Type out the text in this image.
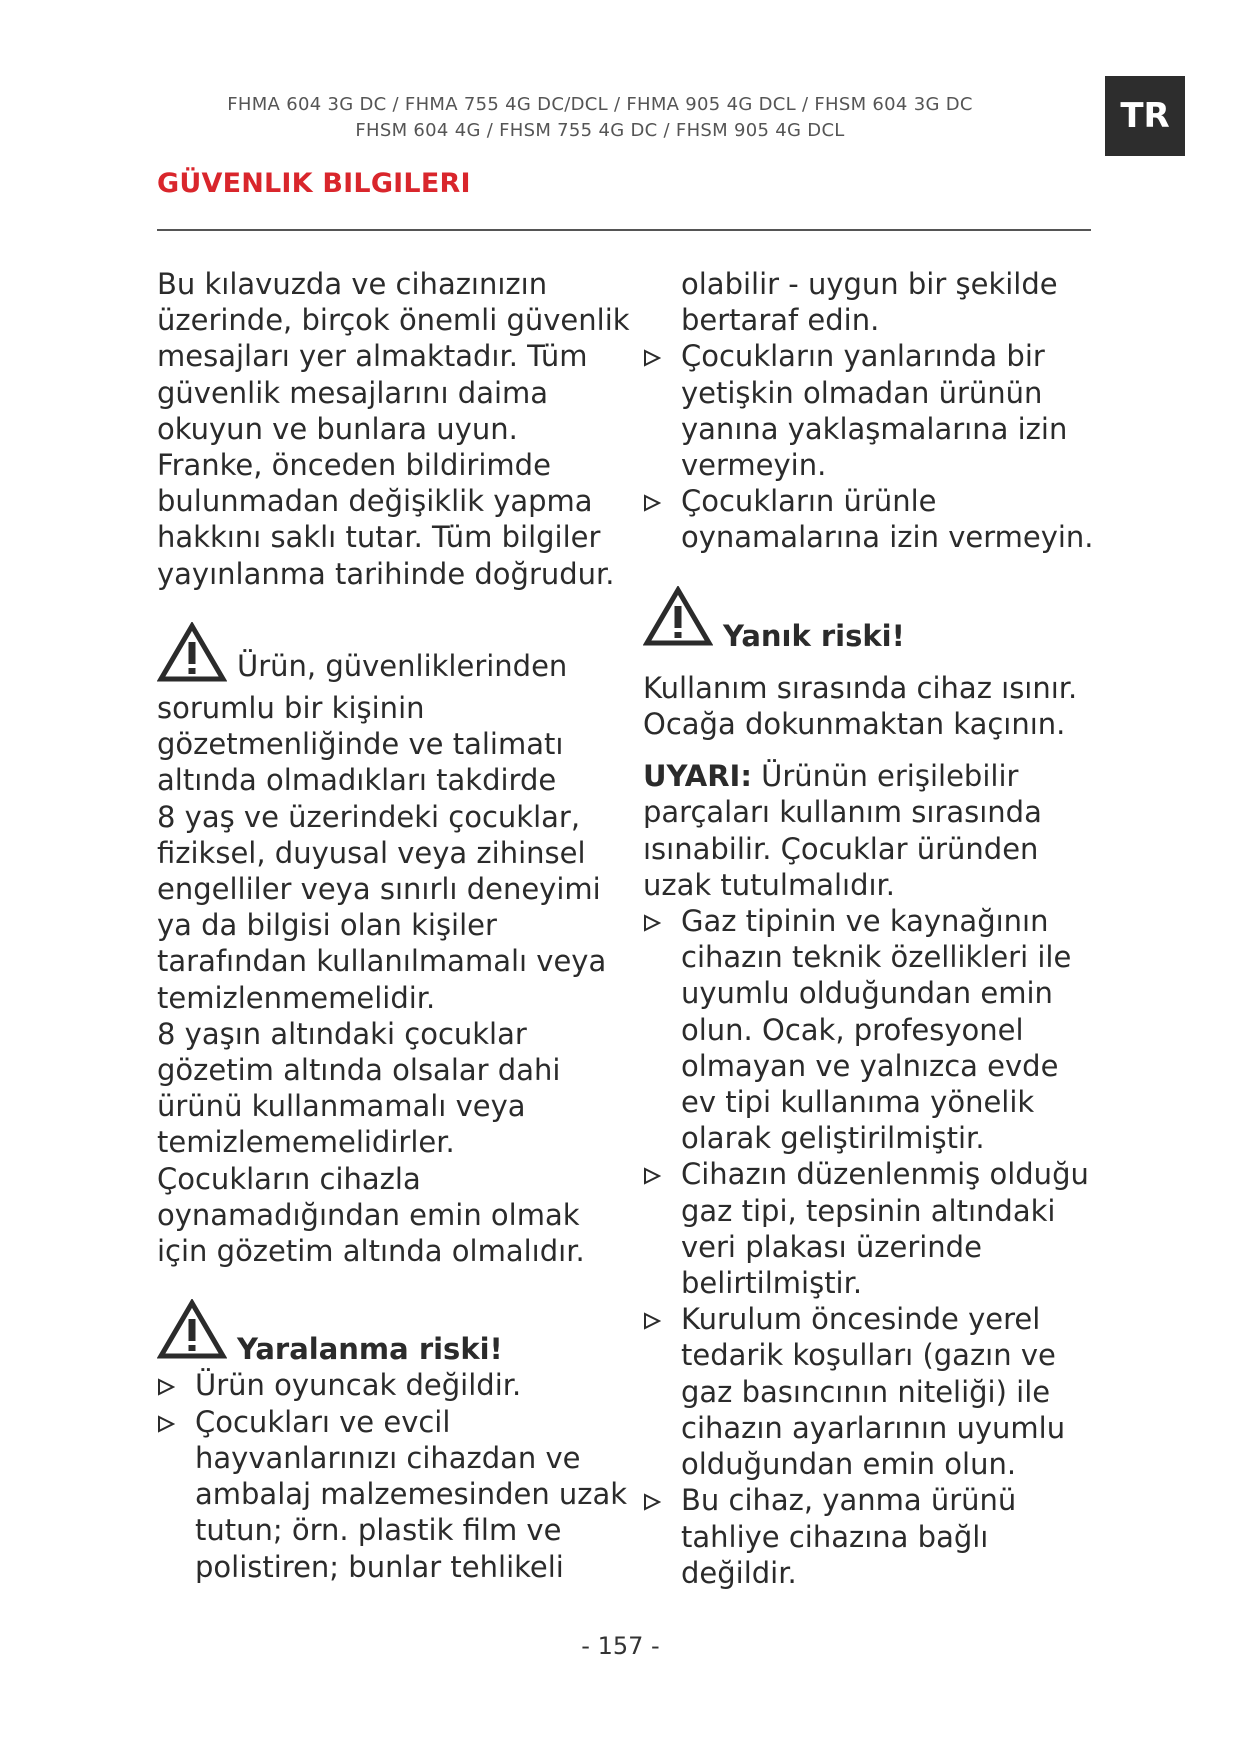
FHMA 604 3G DC / FHMA 755 4G DC/DCL / FHMA 905 4G DCL / FHSM 604 3G DC
FHSM 604 4G / FHSM 755 4G DC / FHSM 905 4G DCL	TR
GÜVENLIK BILGILERI

Bu kılavuzda ve cihazınızın üzerinde, birçok önemli güvenlik mesajları yer almaktadır. Tüm güvenlik mesajlarını daima okuyun ve bunlara uyun.

Franke, önceden bildirimde bulunmadan değişiklik yapma hakkını saklı tutar. Tüm bilgiler yayınlanma tarihinde doğrudur.

Ürün, güvenliklerinden sorumlu bir kişinin gözetmenliğinde ve talimatı altında olmadıkları takdirde

8 yaş ve üzerindeki çocuklar, fiziksel, duyusal veya zihinsel engelliler veya sınırlı deneyimi ya da bilgisi olan kişiler tarafından kullanılmamalı veya temizlenmemelidir.

8 yaşın altındaki çocuklar gözetim altında olsalar dahi ürünü kullanmamalı veya temizlememelidirler.

Çocukların cihazla oynamadığından emin olmak için gözetim altında olmalıdır.

Yaralanma riski!
Ürün oyuncak değildir.
Çocukları ve evcil hayvanlarınızı cihazdan ve ambalaj malzemesinden uzak tutun; örn. plastik film ve polistiren; bunlar tehlikeli
olabilir - uygun bir şekilde bertaraf edin.
Çocukların yanlarında bir yetişkin olmadan ürünün yanına yaklaşmalarına izin vermeyin.
Çocukların ürünle oynamalarına izin vermeyin.
Yanık riski!

Kullanım sırasında cihaz ısınır. Ocağa dokunmaktan kaçının.

UYARI: Ürünün erişilebilir parçaları kullanım sırasında ısınabilir. Çocuklar üründen uzak tutulmalıdır.

Gaz tipinin ve kaynağının cihazın teknik özellikleri ile uyumlu olduğundan emin olun. Ocak, profesyonel olmayan ve yalnızca evde ev tipi kullanıma yönelik olarak geliştirilmiştir.
Cihazın düzenlenmiş olduğu gaz tipi, tepsinin altındaki veri plakası üzerinde belirtilmiştir.
Kurulum öncesinde yerel tedarik koşulları (gazın ve gaz basıncının niteliği) ile cihazın ayarlarının uyumlu olduğundan emin olun.
Bu cihaz, yanma ürünü tahliye cihazına bağlı değildir.
- 157 -
